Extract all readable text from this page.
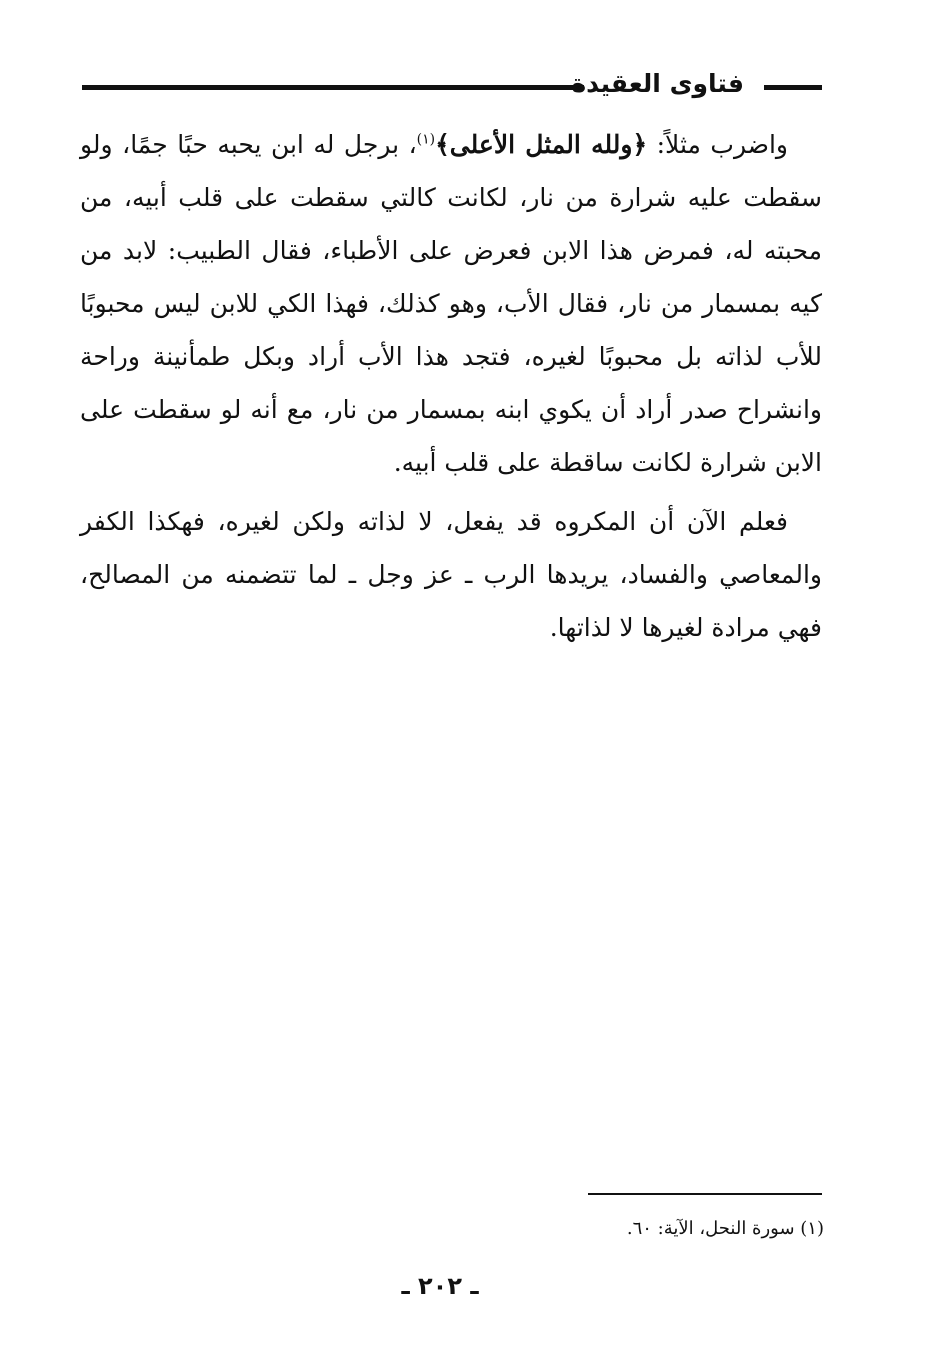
فتاوى العقيدة

واضرب مثلاً: ﴿ولله المثل الأعلى﴾$^{(١)}$، برجل له ابن يحبه حبًا جمًا، ولو سقطت عليه شرارة من نار، لكانت كالتي سقطت على قلب أبيه، من محبته له، فمرض هذا الابن فعرض على الأطباء، فقال الطبيب: لابد من كيه بمسمار من نار، فقال الأب، وهو كذلك، فهذا الكي للابن ليس محبوبًا للأب لذاته بل محبوبًا لغيره، فتجد هذا الأب أراد وبكل طمأنينة وراحة وانشراح صدر أراد أن يكوي ابنه بمسمار من نار، مع أنه لو سقطت على الابن شرارة لكانت ساقطة على قلب أبيه.

فعلم الآن أن المكروه قد يفعل، لا لذاته ولكن لغيره، فهكذا الكفر والمعاصي والفساد، يريدها الرب ـ عز وجل ـ لما تتضمنه من المصالح، فهي مرادة لغيرها لا لذاتها.

(١) سورة النحل، الآية: ٦٠.
ـ ٢٠٢ ـ
